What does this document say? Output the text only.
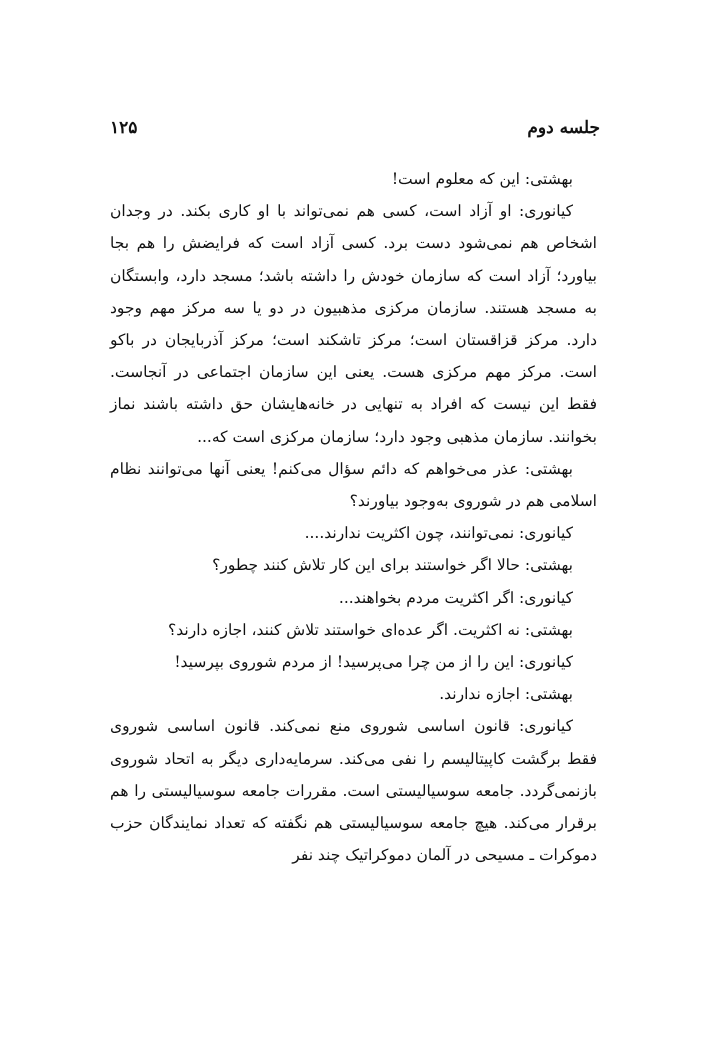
١٢۵	جلسه دوم

بهشتی: این که معلوم است!

کیانوری: او آزاد است، کسی هم نمی‌تواند با او کاری بکند. در وجدان اشخاص هم نمی‌شود دست برد. کسی آزاد است که فرایضش را هم بجا بیاورد؛ آزاد است که سازمان خودش را داشته باشد؛ مسجد دارد، وابستگان به مسجد هستند. سازمان مرکزی مذهبیون در دو یا سه مرکز مهم وجود دارد. مرکز قزاقستان است؛ مرکز تاشکند است؛ مرکز آذربایجان در باکو است. مرکز مهم مرکزی هست. یعنی این سازمان اجتماعی در آنجاست. فقط این نیست که افراد به تنهایی در خانه‌هایشان حق داشته باشند نماز بخوانند. سازمان مذهبی وجود دارد؛ سازمان مرکزی است که...

بهشتی: عذر می‌خواهم که دائم سؤال می‌کنم! یعنی آنها می‌توانند نظام اسلامی هم در شوروی به‌وجود بیاورند؟

کیانوری: نمی‌توانند، چون اکثریت ندارند....

بهشتی: حالا اگر خواستند برای این کار تلاش کنند چطور؟

کیانوری: اگر اکثریت مردم بخواهند...

بهشتی: نه اکثریت. اگر عده‌ای خواستند تلاش کنند، اجازه دارند؟

کیانوری: این را از من چرا می‌پرسید! از مردم شوروی بپرسید!

بهشتی: اجازه ندارند.

کیانوری: قانون اساسی شوروی منع نمی‌کند. قانون اساسی شوروی فقط برگشت کاپیتالیسم را نفی می‌کند. سرمایه‌داری دیگر به اتحاد شوروی بازنمی‌گردد. جامعه سوسیالیستی است. مقررات جامعه سوسیالیستی را هم برقرار می‌کند. هیچ جامعه سوسیالیستی هم نگفته که تعداد نمایندگان حزب دموکرات ـ مسیحی در آلمان دموکراتیک چند نفر
